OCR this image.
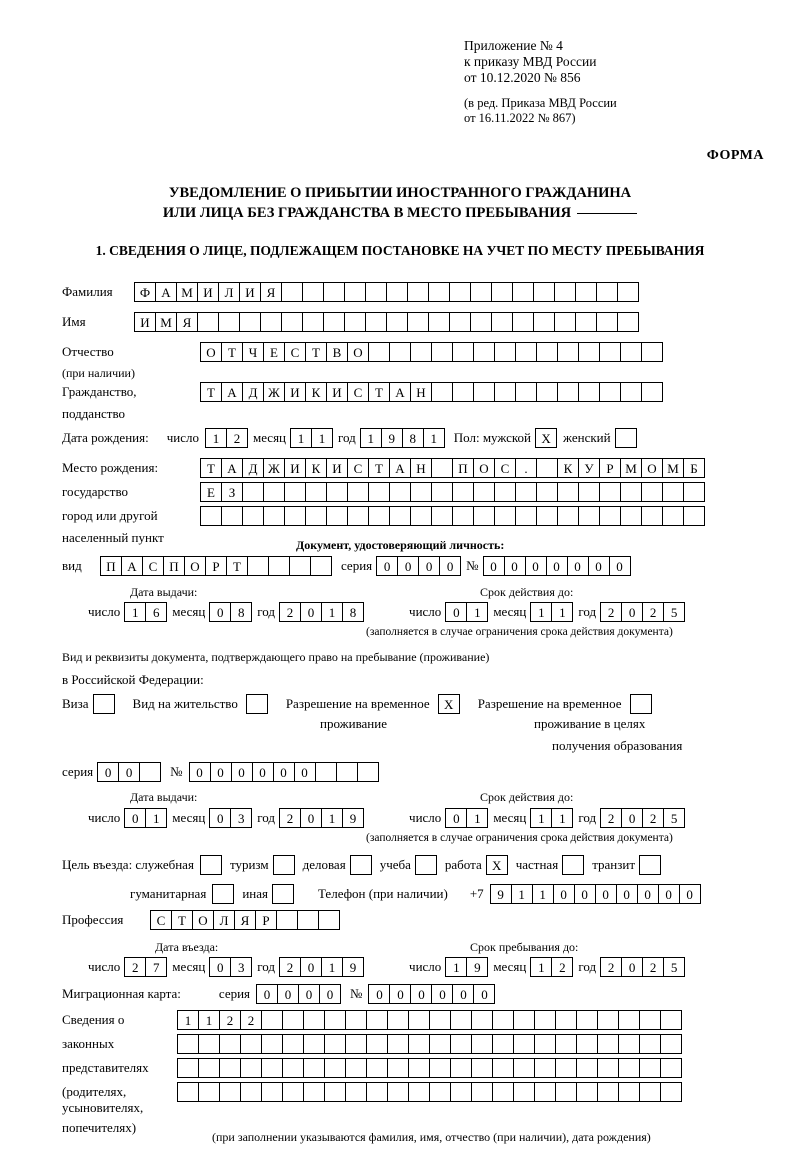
Приложение № 4
к приказу МВД России
от 10.12.2020 № 856
(в ред. Приказа МВД России
от 16.11.2022 № 867)
ФОРМА
УВЕДОМЛЕНИЕ О ПРИБЫТИИ ИНОСТРАННОГО ГРАЖДАНИНА
ИЛИ ЛИЦА БЕЗ ГРАЖДАНСТВА В МЕСТО ПРЕБЫВАНИЯ
1. СВЕДЕНИЯ О ЛИЦЕ, ПОДЛЕЖАЩЕМ ПОСТАНОВКЕ НА УЧЕТ ПО МЕСТУ ПРЕБЫВАНИЯ
Фамилия	Ф А М И Л И Я
Имя	И М Я
Отчество	О Т Ч Е С Т В О
(при наличии)
Гражданство,	Т А Д Ж И К И С Т А Н
подданство
Дата рождения: число	1	2 месяц 1	1 год 1	9	8	1	Пол: мужской X женский
Место рождения:	Т А Д Ж И К И С Т А Н	П О С	.	К У Р М О М Б
государство	Е	З
город или другой
населенный пункт	Документ, удостоверяющий личность:
вид	П А С П О Р	Т	серия 0	0	0	0 № 0	0	0	0	0	0	0
Дата выдачи:	Срок действия до:
число 1	6 месяц 0	8 год 2	0	1	8	число 0	1 месяц 1	1 год 2	0	2	5
(заполняется в случае ограничения срока действия документа)
Вид и реквизиты документа, подтверждающего право на пребывание (проживание)
в Российской Федерации:
Виза	Вид на жительство	Разрешение на временное	X	Разрешение на временное
проживание	проживание в целях
получения образования
серия 0	0	№	0	0	0	0	0	0
Дата выдачи:	Срок действия до:
число 0	1 месяц 0	3 год 2	0	1	9	число 0	1 месяц 1	1 год 2	0	2	5
(заполняется в случае ограничения срока действия документа)
Цель въезда: служебная	туризм	деловая	учеба	работа X	частная	транзит
гуманитарная	иная	Телефон (при наличии) +7	9	1	1	0	0	0	0	0	0	0
Профессия	С Т О Л Я	Р
Дата въезда:	Срок пребывания до:
число 2	7 месяц 0	3 год 2	0	1	9	число 1	9 месяц 1	2 год 2	0	2	5
Миграционная карта:	серия	0	0	0	0	№	0	0	0	0	0	0
Сведения о	1	1	2	2
законных
представителях
(родителях,
усыновителях,
попечителях)
(при заполнении указываются фамилия, имя, отчество (при наличии), дата рождения)
